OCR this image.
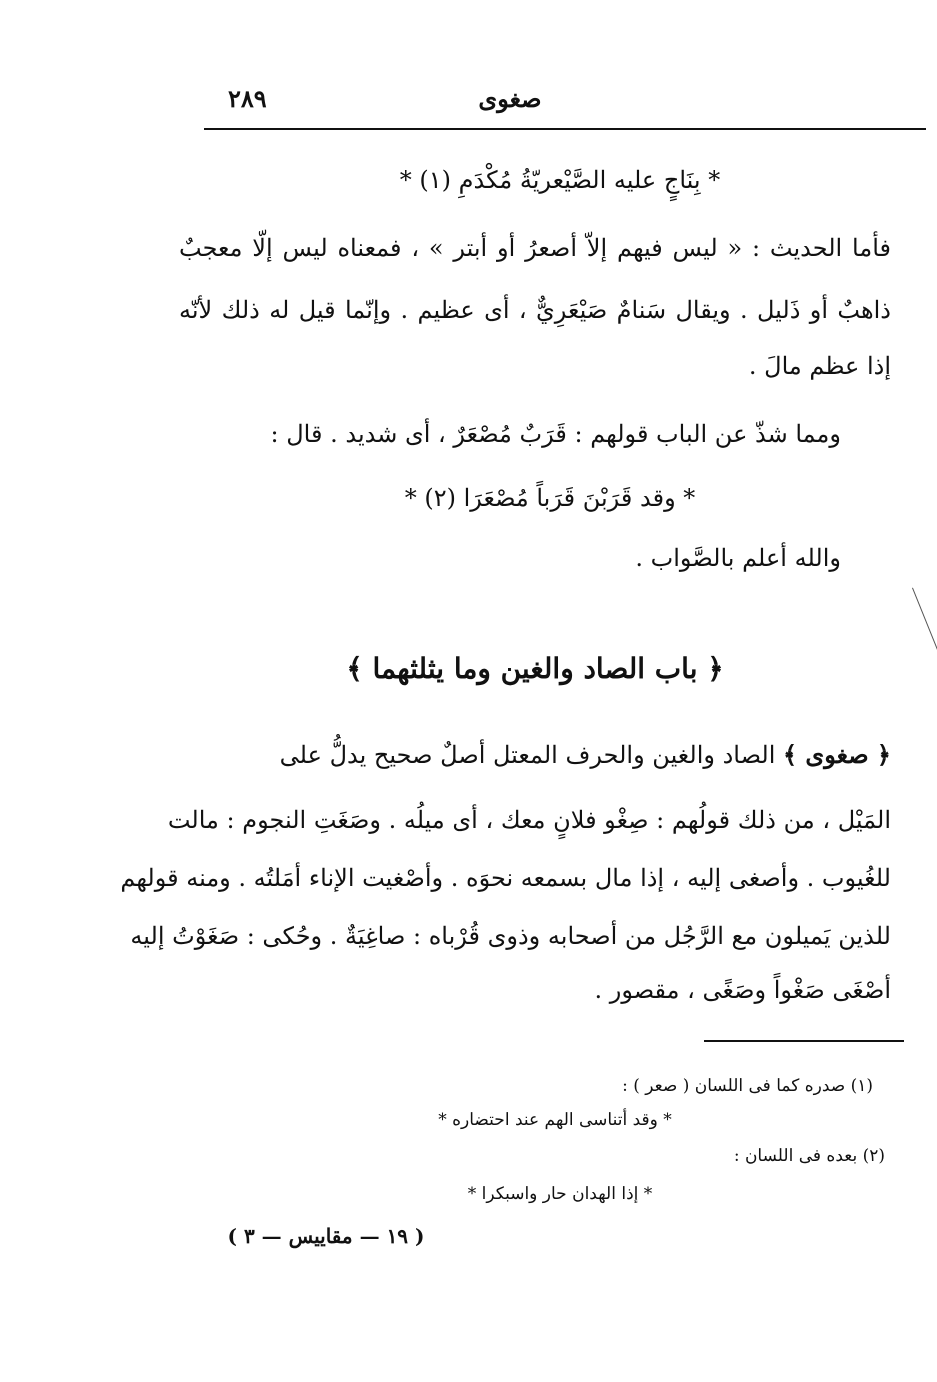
صغوى
٢٨٩
* بِنَاجٍ عليه الصَّيْعريّةُ مُكْدَمِ (١) *
فأما الحديث : « ليس فيهم إلاّ أصعرُ أو أبتر » ، فمعناه ليس إلّا معجبٌ
ذاهبٌ أو ذَليل . ويقال سَنامٌ صَيْعَرِيٌّ ، أى عظيم . وإنّما قيل له ذلك لأنّه
إذا عظم مالَ .
ومما شذّ عن الباب قولهم : قَرَبٌ مُصْعَرٌ ، أى شديد . قال :
* وقد قَرَبْنَ قَرَباً مُصْعَرَا (٢) *
والله أعلم بالصَّواب .
﴿ باب الصاد والغين وما يثلثهما ﴾
﴿ صغوى ﴾ الصاد والغين والحرف المعتل أصلٌ صحيح يدلُّ على
المَيْل ، من ذلك قولُهم : صِغْو فلانٍ معك ، أى ميلُه . وصَغَتِ النجوم : مالت
للغُيوب . وأصغى إليه ، إذا مال بسمعه نحوَه . وأصْغيت الإناء أمَلتُه . ومنه قولهم
للذين يَميلون مع الرَّجُل من أصحابه وذوى قُرْباه : صاغِيَةٌ . وحُكى : صَغَوْتُ إليه
أصْغَى صَغْواً وصَغًى ، مقصور .
(١) صدره كما فى اللسان ( صعر ) :
* وقد أتناسى الهم عند احتضاره *
(٢) بعده فى اللسان :
* إذا الهدان حار واسبكرا *
( ١٩ — مقاييس — ٣ )
